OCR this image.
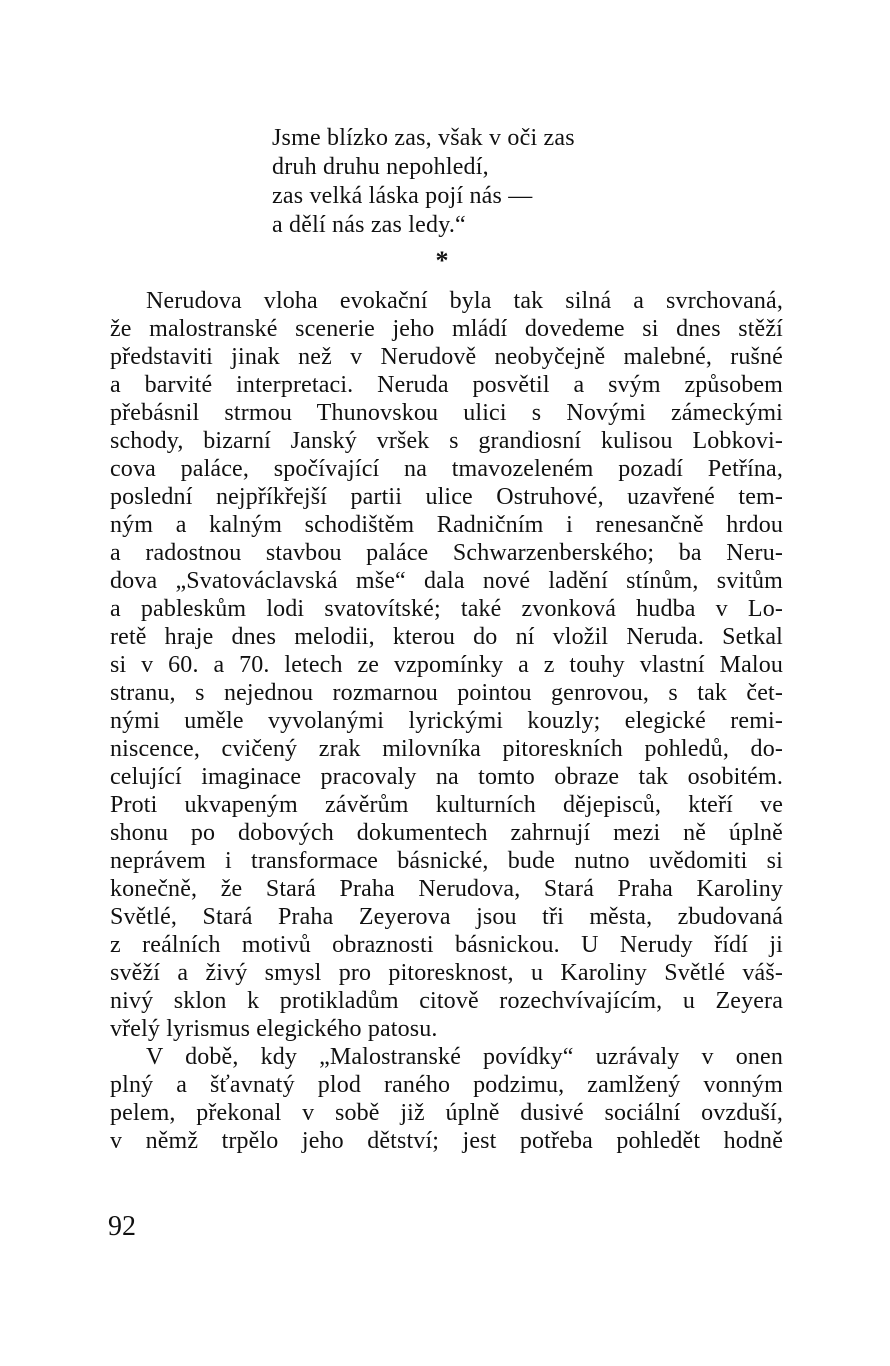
Jsme blízko zas, však v oči zas
druh druhu nepohledí,
zas velká láska pojí nás —
a dělí nás zas ledy.“
*
Nerudova vloha evokační byla tak silná a svrchovaná,
že malostranské scenerie jeho mládí dovedeme si dnes stěží
představiti jinak než v Nerudově neobyčejně malebné, rušné
a barvité interpretaci. Neruda posvětil a svým způsobem
přebásnil strmou Thunovskou ulici s Novými zámeckými
schody, bizarní Janský vršek s grandiosní kulisou Lobkovi-
cova paláce, spočívající na tmavozeleném pozadí Petřína,
poslední nejpříkřejší partii ulice Ostruhové, uzavřené tem-
ným a kalným schodištěm Radničním i renesančně hrdou
a radostnou stavbou paláce Schwarzenberského; ba Neru-
dova „Svatováclavská mše“ dala nové ladění stínům, svitům
a pableskům lodi svatovítské; také zvonková hudba v Lo-
retě hraje dnes melodii, kterou do ní vložil Neruda. Setkal
si v 60. a 70. letech ze vzpomínky a z touhy vlastní Malou
stranu, s nejednou rozmarnou pointou genrovou, s tak čet-
nými uměle vyvolanými lyrickými kouzly; elegické remi-
niscence, cvičený zrak milovníka pitoreskních pohledů, do-
celující imaginace pracovaly na tomto obraze tak osobitém.
Proti ukvapeným závěrům kulturních dějepisců, kteří ve
shonu po dobových dokumentech zahrnují mezi ně úplně
neprávem i transformace básnické, bude nutno uvědomiti si
konečně, že Stará Praha Nerudova, Stará Praha Karoliny
Světlé, Stará Praha Zeyerova jsou tři města, zbudovaná
z reálních motivů obraznosti básnickou. U Nerudy řídí ji
svěží a živý smysl pro pitoresknost, u Karoliny Světlé váš-
nivý sklon k protikladům citově rozechvívajícím, u Zeyera
vřelý lyrismus elegického patosu.
V době, kdy „Malostranské povídky“ uzrávaly v onen
plný a šťavnatý plod raného podzimu, zamlžený vonným
pelem, překonal v sobě již úplně dusivé sociální ovzduší,
v němž trpělo jeho dětství; jest potřeba pohledět hodně
92
